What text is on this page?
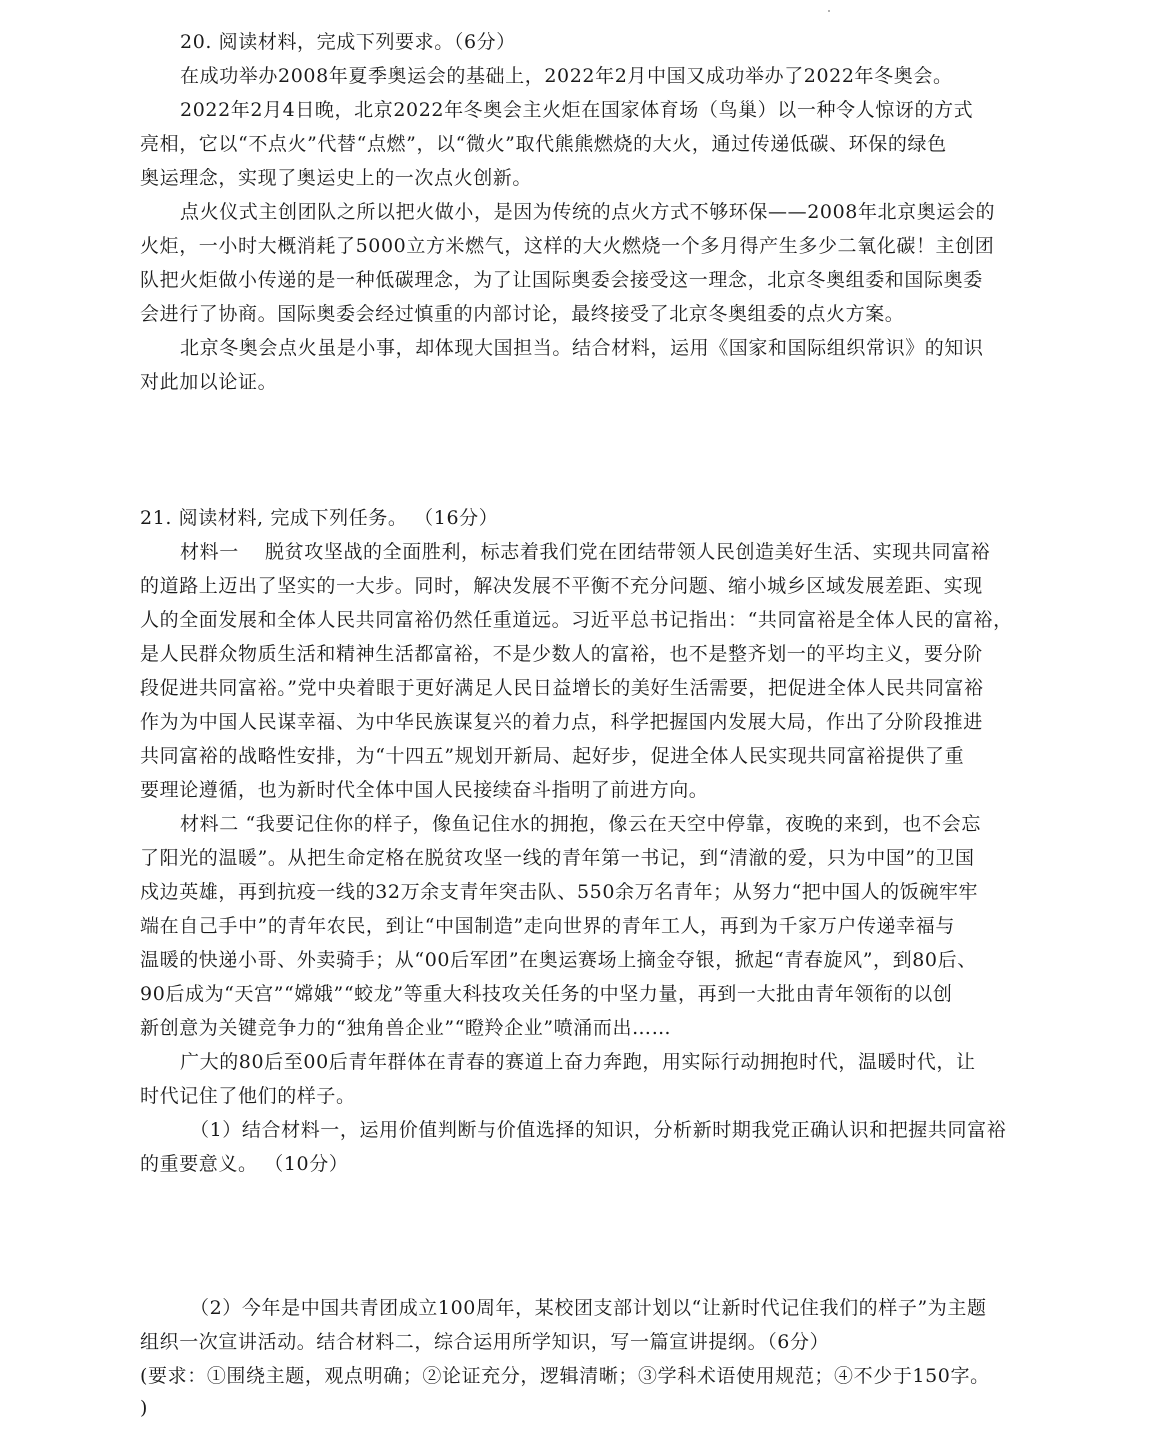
20. 阅读材料，完成下列要求。（6分）
在成功举办2008年夏季奥运会的基础上，2022年2月中国又成功举办了2022年冬奥会。
2022年2月4日晚，北京2022年冬奥会主火炬在国家体育场（鸟巢）以一种令人惊讶的方式
亮相，它以“不点火”代替“点燃”，以“微火”取代熊熊燃烧的大火，通过传递低碳、环保的绿色
奥运理念，实现了奥运史上的一次点火创新。
点火仪式主创团队之所以把火做小，是因为传统的点火方式不够环保——2008年北京奥运会的
火炬，一小时大概消耗了5000立方米燃气，这样的大火燃烧一个多月得产生多少二氧化碳！主创团
队把火炬做小传递的是一种低碳理念，为了让国际奥委会接受这一理念，北京冬奥组委和国际奥委
会进行了协商。国际奥委会经过慎重的内部讨论，最终接受了北京冬奥组委的点火方案。
北京冬奥会点火虽是小事，却体现大国担当。结合材料，运用《国家和国际组织常识》的知识
对此加以论证。
21. 阅读材料, 完成下列任务。 （16分）
材料一　 脱贫攻坚战的全面胜利，标志着我们党在团结带领人民创造美好生活、实现共同富裕
的道路上迈出了坚实的一大步。同时，解决发展不平衡不充分问题、缩小城乡区域发展差距、实现
人的全面发展和全体人民共同富裕仍然任重道远。习近平总书记指出：“共同富裕是全体人民的富裕，
是人民群众物质生活和精神生活都富裕，不是少数人的富裕，也不是整齐划一的平均主义，要分阶
段促进共同富裕。”党中央着眼于更好满足人民日益增长的美好生活需要，把促进全体人民共同富裕
作为为中国人民谋幸福、为中华民族谋复兴的着力点，科学把握国内发展大局，作出了分阶段推进
共同富裕的战略性安排，为“十四五”规划开新局、起好步，促进全体人民实现共同富裕提供了重
要理论遵循，也为新时代全体中国人民接续奋斗指明了前进方向。
材料二 “我要记住你的样子，像鱼记住水的拥抱，像云在天空中停靠，夜晚的来到，也不会忘
了阳光的温暖”。从把生命定格在脱贫攻坚一线的青年第一书记，到“清澈的爱，只为中国”的卫国
戍边英雄，再到抗疫一线的32万余支青年突击队、550余万名青年；从努力“把中国人的饭碗牢牢
端在自己手中”的青年农民，到让“中国制造”走向世界的青年工人，再到为千家万户传递幸福与
温暖的快递小哥、外卖骑手；从“00后军团”在奥运赛场上摘金夺银，掀起“青春旋风”，到80后、
90后成为“天宫”“嫦娥”“蛟龙”等重大科技攻关任务的中坚力量，再到一大批由青年领衔的以创
新创意为关键竞争力的“独角兽企业”“瞪羚企业”喷涌而出……
广大的80后至00后青年群体在青春的赛道上奋力奔跑，用实际行动拥抱时代，温暖时代，让
时代记住了他们的样子。
（1）结合材料一，运用价值判断与价值选择的知识，分析新时期我党正确认识和把握共同富裕
的重要意义。 （10分）
（2）今年是中国共青团成立100周年，某校团支部计划以“让新时代记住我们的样子”为主题
组织一次宣讲活动。结合材料二，综合运用所学知识，写一篇宣讲提纲。（6分）
(要求：①围绕主题，观点明确；②论证充分，逻辑清晰；③学科术语使用规范；④不少于150字。
)
